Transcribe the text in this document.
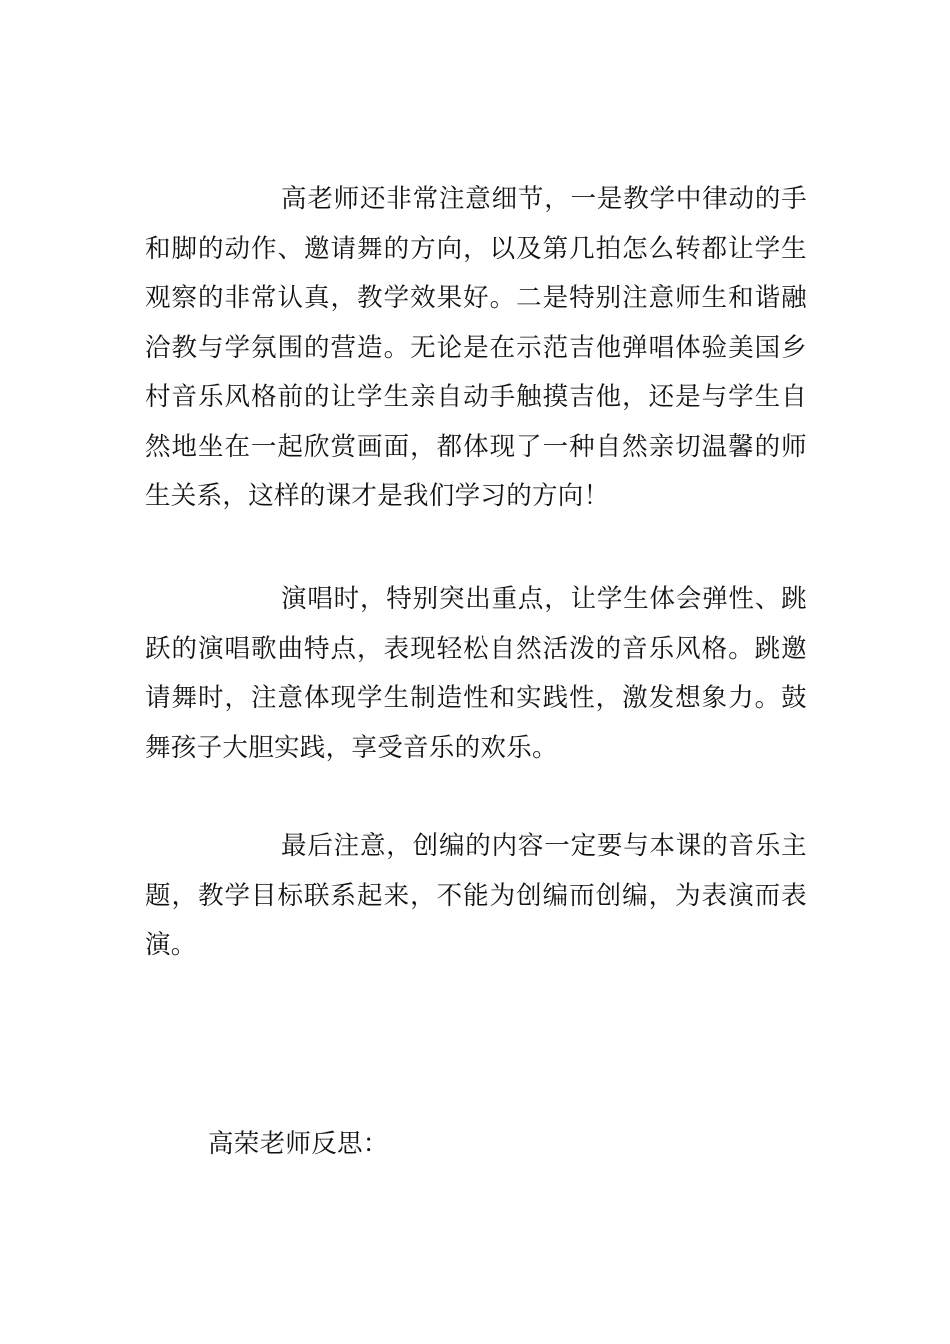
高老师还非常注意细节，一是教学中律动的手和脚的动作、邀请舞的方向，以及第几拍怎么转都让学生观察的非常认真，教学效果好。二是特别注意师生和谐融洽教与学氛围的营造。无论是在示范吉他弹唱体验美国乡村音乐风格前的让学生亲自动手触摸吉他，还是与学生自然地坐在一起欣赏画面，都体现了一种自然亲切温馨的师生关系，这样的课才是我们学习的方向！

演唱时，特别突出重点，让学生体会弹性、跳跃的演唱歌曲特点，表现轻松自然活泼的音乐风格。跳邀请舞时，注意体现学生制造性和实践性，激发想象力。鼓舞孩子大胆实践，享受音乐的欢乐。

最后注意，创编的内容一定要与本课的音乐主题，教学目标联系起来，不能为创编而创编，为表演而表演。

高荣老师反思：
